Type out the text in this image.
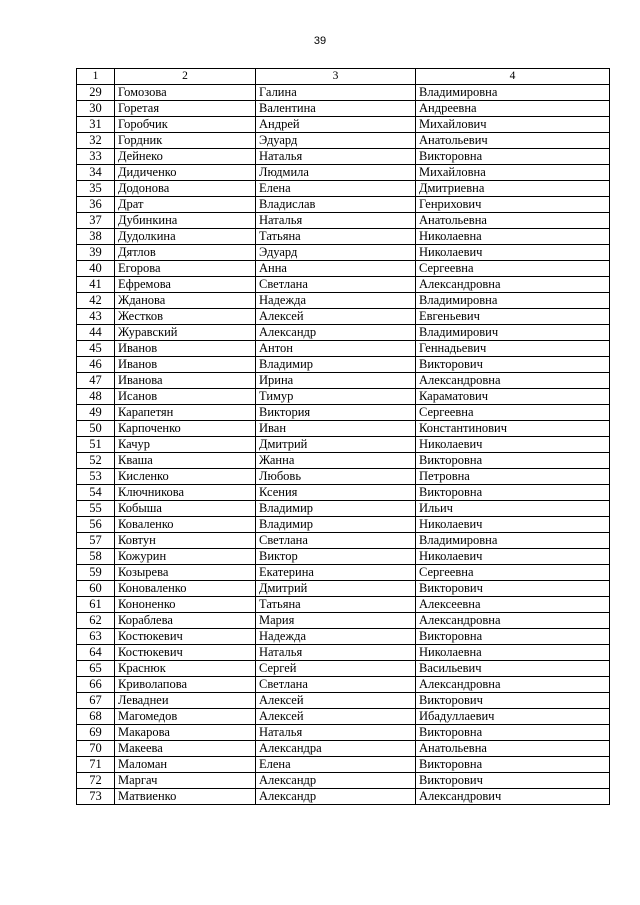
39
1	2	3	4
29	Гомозова	Галина	Владимировна
30	Горетая	Валентина	Андреевна
31	Горобчик	Андрей	Михайлович
32	Гордник	Эдуард	Анатольевич
33	Дейнеко	Наталья	Викторовна
34	Дидиченко	Людмила	Михайловна
35	Додонова	Елена	Дмитриевна
36	Драт	Владислав	Генрихович
37	Дубинкина	Наталья	Анатольевна
38	Дудолкина	Татьяна	Николаевна
39	Дятлов	Эдуард	Николаевич
40	Егорова	Анна	Сергеевна
41	Ефремова	Светлана	Александровна
42	Жданова	Надежда	Владимировна
43	Жестков	Алексей	Евгеньевич
44	Журавский	Александр	Владимирович
45	Иванов	Антон	Геннадьевич
46	Иванов	Владимир	Викторович
47	Иванова	Ирина	Александровна
48	Исанов	Тимур	Караматович
49	Карапетян	Виктория	Сергеевна
50	Карпоченко	Иван	Константинович
51	Качур	Дмитрий	Николаевич
52	Кваша	Жанна	Викторовна
53	Кисленко	Любовь	Петровна
54	Ключникова	Ксения	Викторовна
55	Кобыша	Владимир	Ильич
56	Коваленко	Владимир	Николаевич
57	Ковтун	Светлана	Владимировна
58	Кожурин	Виктор	Николаевич
59	Козырева	Екатерина	Сергеевна
60	Коноваленко	Дмитрий	Викторович
61	Кононенко	Татьяна	Алексеевна
62	Кораблева	Мария	Александровна
63	Костюкевич	Надежда	Викторовна
64	Костюкевич	Наталья	Николаевна
65	Краснюк	Сергей	Васильевич
66	Криволапова	Светлана	Александровна
67	Леваднеи	Алексей	Викторович
68	Магомедов	Алексей	Ибадуллаевич
69	Макарова	Наталья	Викторовна
70	Макеева	Александра	Анатольевна
71	Маломан	Елена	Викторовна
72	Маргач	Александр	Викторович
73	Матвиенко	Александр	Александрович
